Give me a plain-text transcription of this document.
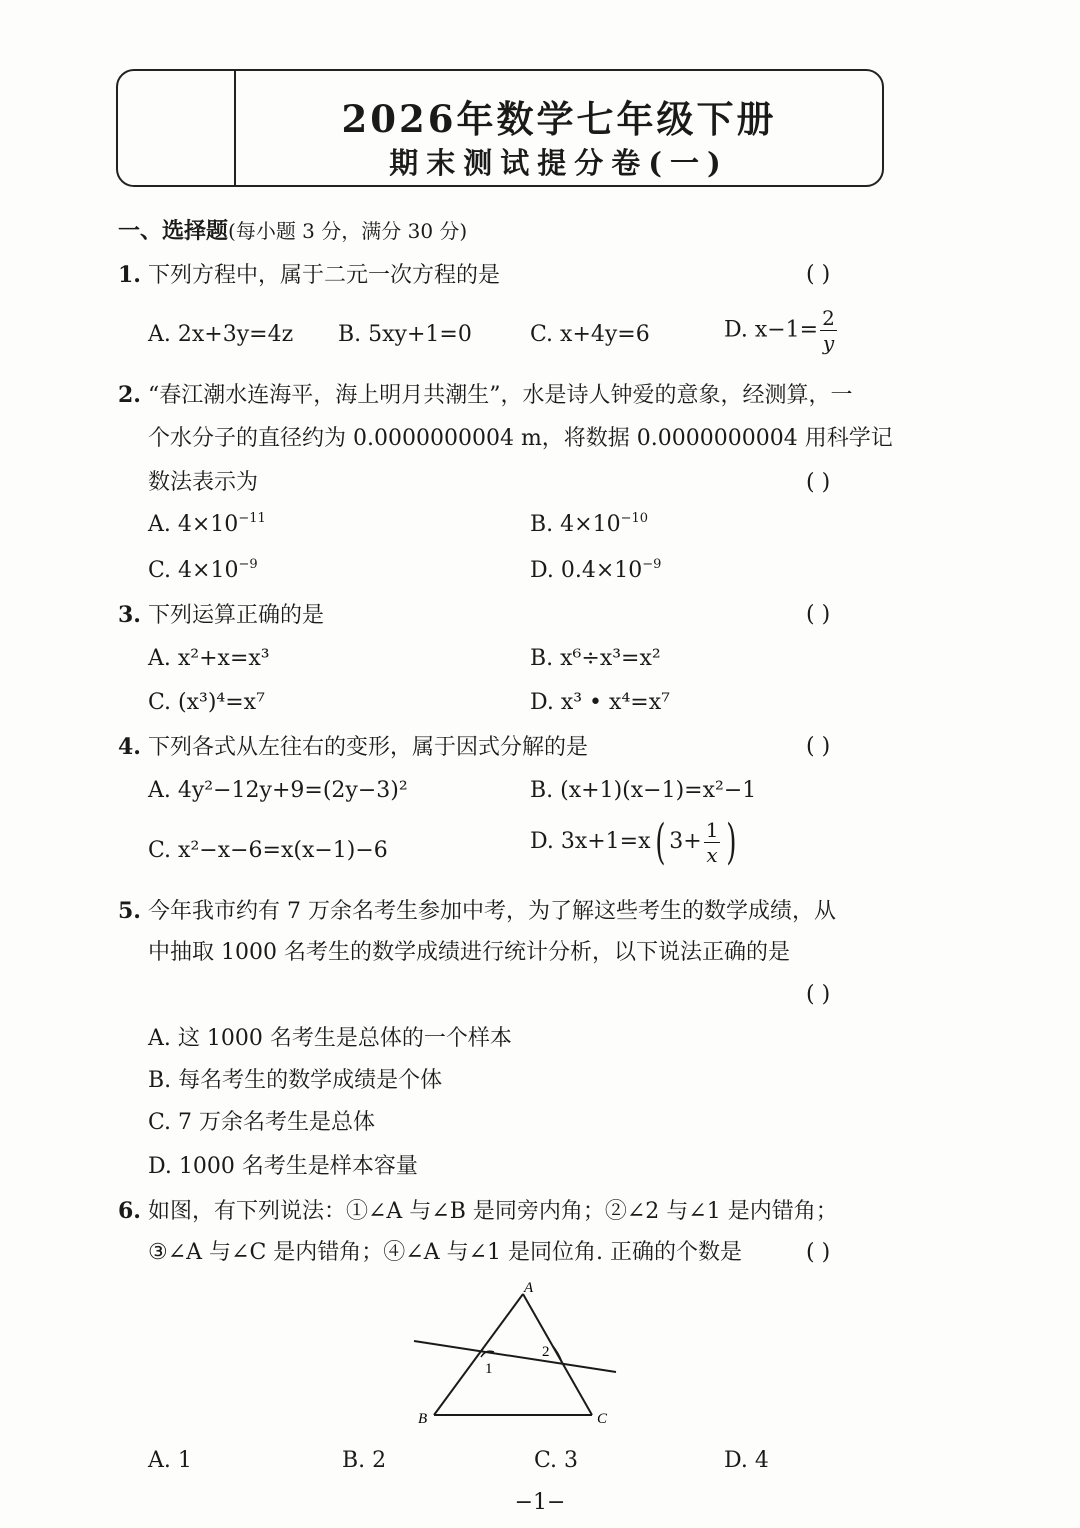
2026年数学七年级下册
期末测试提分卷(一)
一、选择题(每小题 3 分，满分 30 分)
1. 下列方程中，属于二元一次方程的是	( )
A. 2x+3y=4z B. 5xy+1=0	C. x+4y=6	D. $x-1= \frac{2}{y}$
2. “春江潮水连海平，海上明月共潮生”，水是诗人钟爱的意象，经测算，一
个水分子的直径约为 0.0000000004 m，将数据 0.0000000004 用科学记
数法表示为	( )
A. $4\times 10^{-11}$	B. $4\times 10^{-10}$
C. $4\times 10^{-9}$	D. $0.4\times 10^{-9}$
3. 下列运算正确的是	( )
A. x²+x=x³	B. x⁶÷x³=x²
C. (x³)⁴=x⁷	D. x³ • x⁴=x⁷
4. 下列各式从左往右的变形，属于因式分解的是	( )
A. 4y²−12y+9=(2y−3)²	B. (x+1)(x−1)=x²−1
C. x²−x−6=x(x−1)−6	D. 3x+1=x( $3+ \frac{1}{x}$ )
5. 今年我市约有 7 万余名考生参加中考，为了解这些考生的数学成绩，从
中抽取 1000 名考生的数学成绩进行统计分析，以下说法正确的是
( )
A. 这 1000 名考生是总体的一个样本
B. 每名考生的数学成绩是个体
C. 7 万余名考生是总体
D. 1000 名考生是样本容量
6. 如图，有下列说法：①∠A 与∠B 是同旁内角；②∠2 与∠1 是内错角；
③∠A 与∠C 是内错角；④∠A 与∠1 是同位角. 正确的个数是	( )
A
B	C
1
2
A. 1	B. 2	C. 3	D. 4
−1−
